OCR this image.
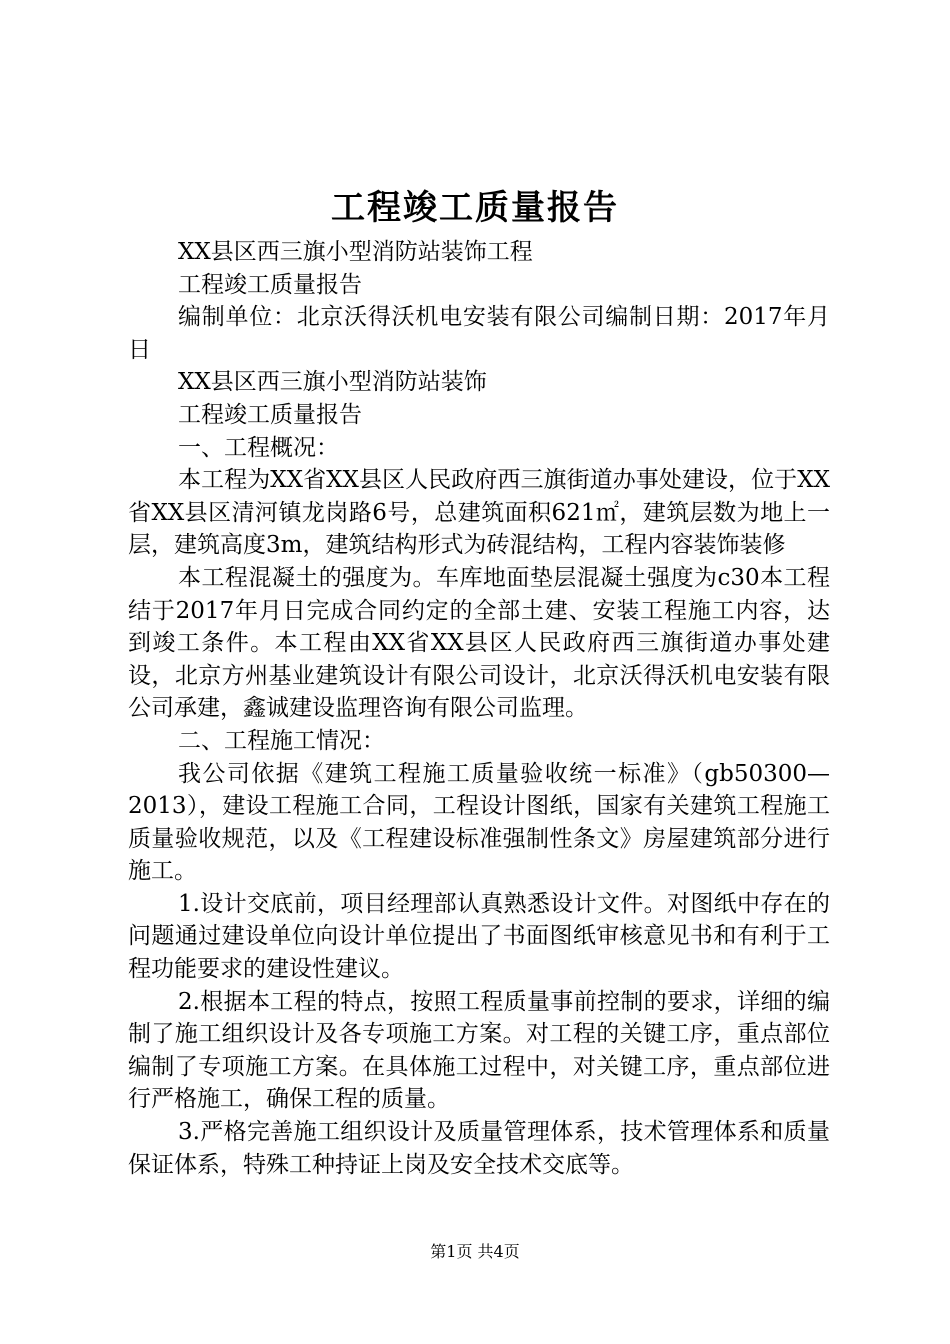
工程竣工质量报告

XX县区西三旗小型消防站装饰工程

工程竣工质量报告

编制单位：北京沃得沃机电安装有限公司编制日期：2017年月日

XX县区西三旗小型消防站装饰

工程竣工质量报告

一、工程概况：

本工程为XX省XX县区人民政府西三旗街道办事处建设，位于XX省XX县区清河镇龙岗路6号，总建筑面积621㎡，建筑层数为地上一层，建筑高度3m，建筑结构形式为砖混结构，工程内容装饰装修

本工程混凝土的强度为。车库地面垫层混凝土强度为c30本工程结于2017年月日完成合同约定的全部土建、安装工程施工内容，达到竣工条件。本工程由XX省XX县区人民政府西三旗街道办事处建设，北京方州基业建筑设计有限公司设计，北京沃得沃机电安装有限公司承建，鑫诚建设监理咨询有限公司监理。

二、工程施工情况：

我公司依据《建筑工程施工质量验收统一标准》（gb50300—2013），建设工程施工合同，工程设计图纸，国家有关建筑工程施工质量验收规范，以及《工程建设标准强制性条文》房屋建筑部分进行施工。

1.设计交底前，项目经理部认真熟悉设计文件。对图纸中存在的问题通过建设单位向设计单位提出了书面图纸审核意见书和有利于工程功能要求的建设性建议。

2.根据本工程的特点，按照工程质量事前控制的要求，详细的编制了施工组织设计及各专项施工方案。对工程的关键工序，重点部位编制了专项施工方案。在具体施工过程中，对关键工序，重点部位进行严格施工，确保工程的质量。

3.严格完善施工组织设计及质量管理体系，技术管理体系和质量保证体系，特殊工种持证上岗及安全技术交底等。

第1页 共4页
